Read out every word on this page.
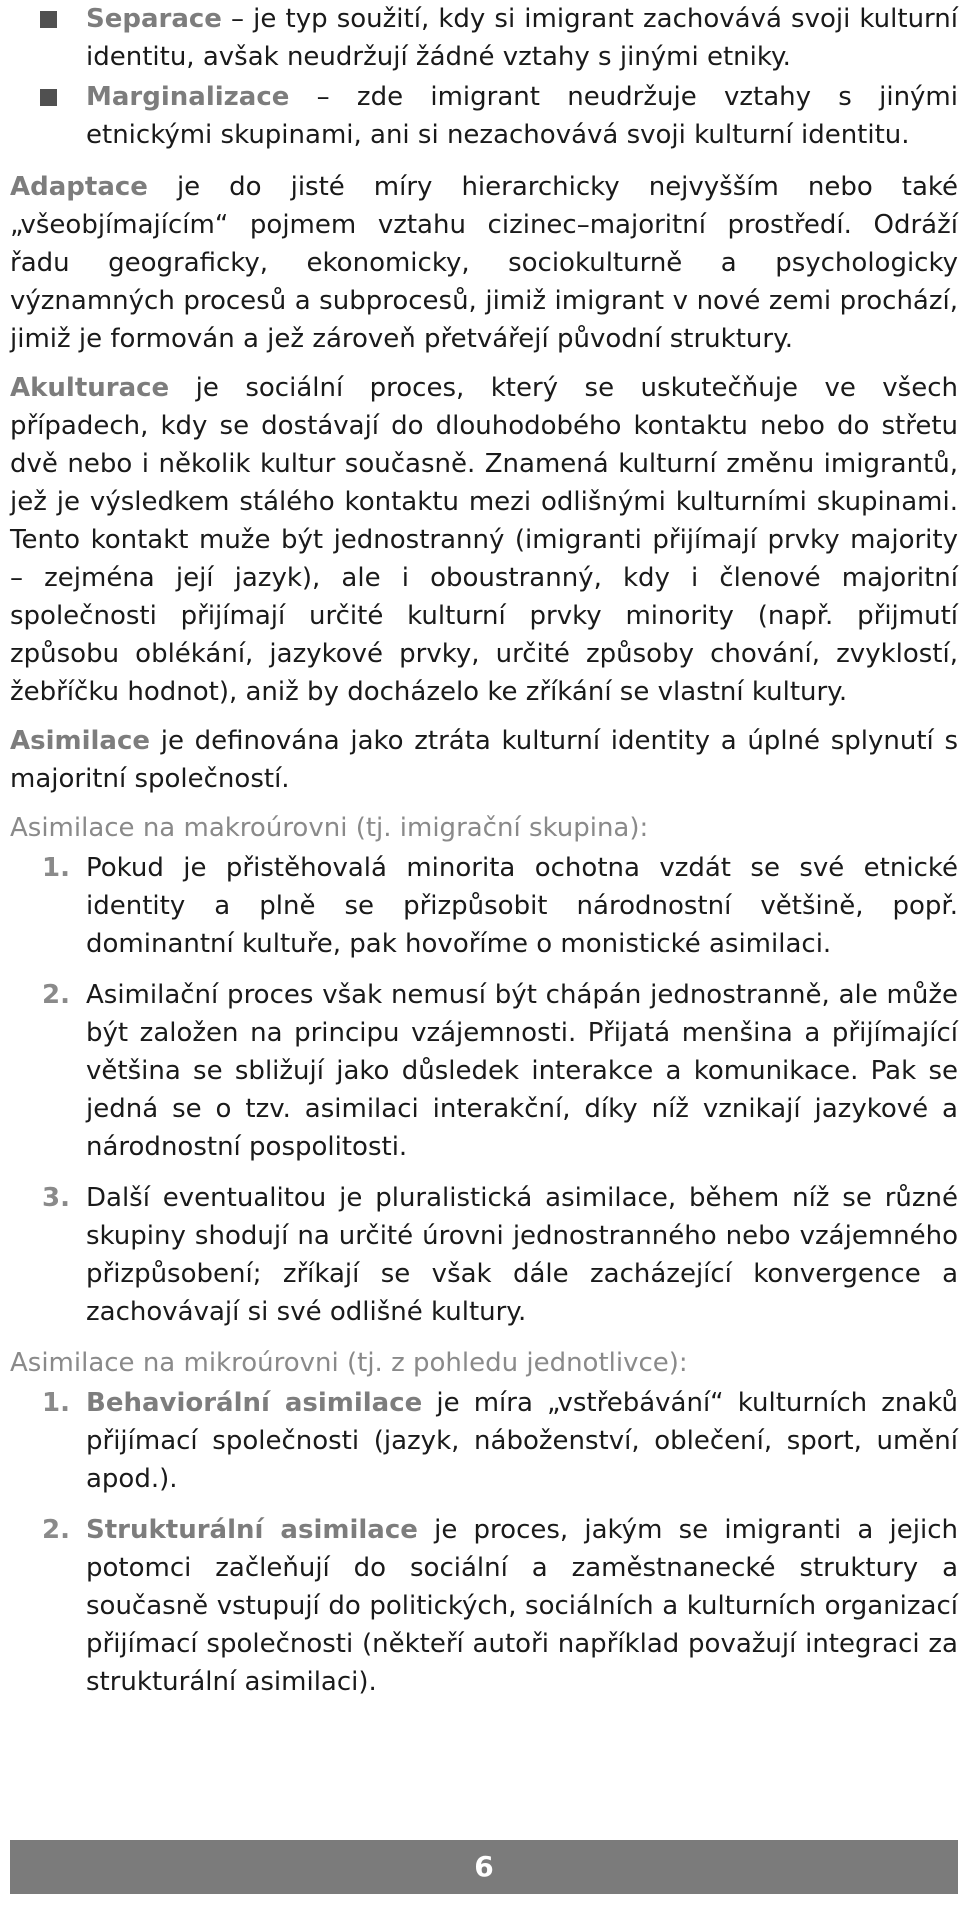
Separace – je typ soužití, kdy si imigrant zachovává svoji kulturní identitu, avšak neudržují žádné vztahy s jinými etniky.
Marginalizace – zde imigrant neudržuje vztahy s jinými etnickými skupinami, ani si nezachovává svoji kulturní identitu.

Adaptace je do jisté míry hierarchicky nejvyšším nebo také „všeobjímajícím“ pojmem vztahu cizinec–majoritní prostředí. Odráží řadu geograficky, ekonomicky, sociokulturně a psychologicky významných procesů a subprocesů, jimiž imigrant v nové zemi prochází, jimiž je formován a jež zároveň přetvářejí původní struktury.

Akulturace je sociální proces, který se uskutečňuje ve všech případech, kdy se dostávají do dlouhodobého kontaktu nebo do střetu dvě nebo i několik kultur současně. Znamená kulturní změnu imigrantů, jež je výsledkem stálého kontaktu mezi odlišnými kulturními skupinami. Tento kontakt muže být jednostranný (imigranti přijímají prvky majority – zejména její jazyk), ale i oboustranný, kdy i členové majoritní společnosti přijímají určité kulturní prvky minority (např. přijmutí způsobu oblékání, jazykové prvky, určité způsoby chování, zvyklostí, žebříčku hodnot), aniž by docházelo ke zříkání se vlastní kultury.

Asimilace je definována jako ztráta kulturní identity a úplné splynutí s majoritní společností.

Asimilace na makroúrovni (tj. imigrační skupina):
1. Pokud je přistěhovalá minorita ochotna vzdát se své etnické identity a plně se přizpůsobit národnostní většině, popř. dominantní kultuře, pak hovoříme o monistické asimilaci.
2. Asimilační proces však nemusí být chápán jednostranně, ale může být založen na principu vzájemnosti. Přijatá menšina a přijímající většina se sbližují jako důsledek interakce a komunikace. Pak se jedná se o tzv. asimilaci interakční, díky níž vznikají jazykové a národnostní pospolitosti.
3. Další eventualitou je pluralistická asimilace, během níž se různé skupiny shodují na určité úrovni jednostranného nebo vzájemného přizpůsobení; zříkají se však dále zacházející konvergence a zachovávají si své odlišné kultury.
Asimilace na mikroúrovni (tj. z pohledu jednotlivce):
1. Behaviorální asimilace je míra „vstřebávání“ kulturních znaků přijímací společnosti (jazyk, náboženství, oblečení, sport, umění apod.).
2. Strukturální asimilace je proces, jakým se imigranti a jejich potomci začleňují do sociální a zaměstnanecké struktury a současně vstupují do politických, sociálních a kulturních organizací přijímací společnosti (někteří autoři například považují integraci za strukturální asimilaci).
6
